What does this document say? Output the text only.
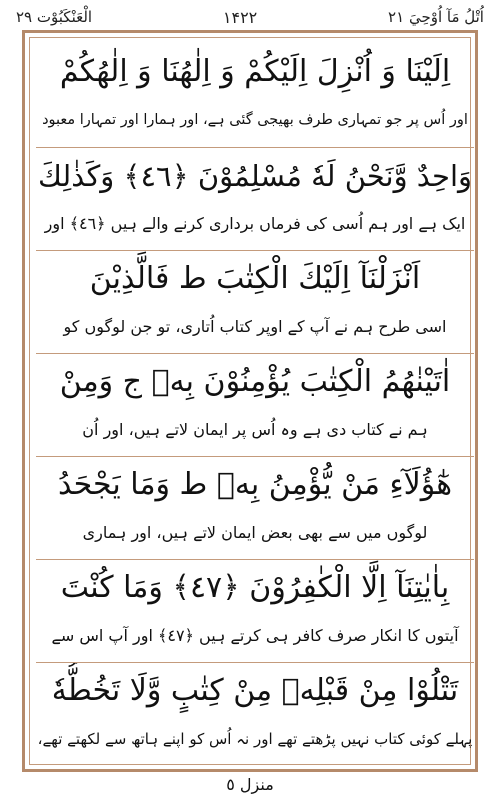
الْعَنْكَبُوْت ٢٩	۱۴۲۲	اُتْلُ مَآ اُوْحِيَ ٢١
اِلَيْنَا وَ اُنْزِلَ اِلَيْكُمْ وَ اِلٰهُنَا وَ اِلٰهُكُمْ
اور اُس پر جو تمہاری طرف بھیجی گئی ہے، اور ہمارا اور تمہارا معبود
وَاحِدٌ وَّنَحْنُ لَهٗ مُسْلِمُوْنَ ﴿٤٦﴾ وَكَذٰلِكَ
ایک ہے اور ہم اُسی کی فرماں برداری کرنے والے ہیں ﴿٤٦﴾ اور
اَنْزَلْنَآ اِلَيْكَ الْكِتٰبَ ط فَالَّذِيْنَ
اسی طرح ہم نے آپ کے اوپر کتاب اُتاری، تو جن لوگوں کو
اٰتَيْنٰهُمُ الْكِتٰبَ يُؤْمِنُوْنَ بِهٖ ج وَمِنْ
ہم نے کتاب دی ہے وہ اُس پر ایمان لاتے ہیں، اور اُن
هٰٓؤُلَآءِ مَنْ يُّؤْمِنُ بِهٖ ط وَمَا يَجْحَدُ
لوگوں میں سے بھی بعض ایمان لاتے ہیں، اور ہماری
بِاٰيٰتِنَآ اِلَّا الْكٰفِرُوْنَ ﴿٤٧﴾ وَمَا كُنْتَ
آیتوں کا انکار صرف کافر ہی کرتے ہیں ﴿٤٧﴾ اور آپ اس سے
تَتْلُوْا مِنْ قَبْلِهٖ مِنْ كِتٰبٍ وَّلَا تَخُطُّهٗ
پہلے کوئی کتاب نہیں پڑھتے تھے اور نہ اُس کو اپنے ہاتھ سے لکھتے تھے،
منزل ٥
